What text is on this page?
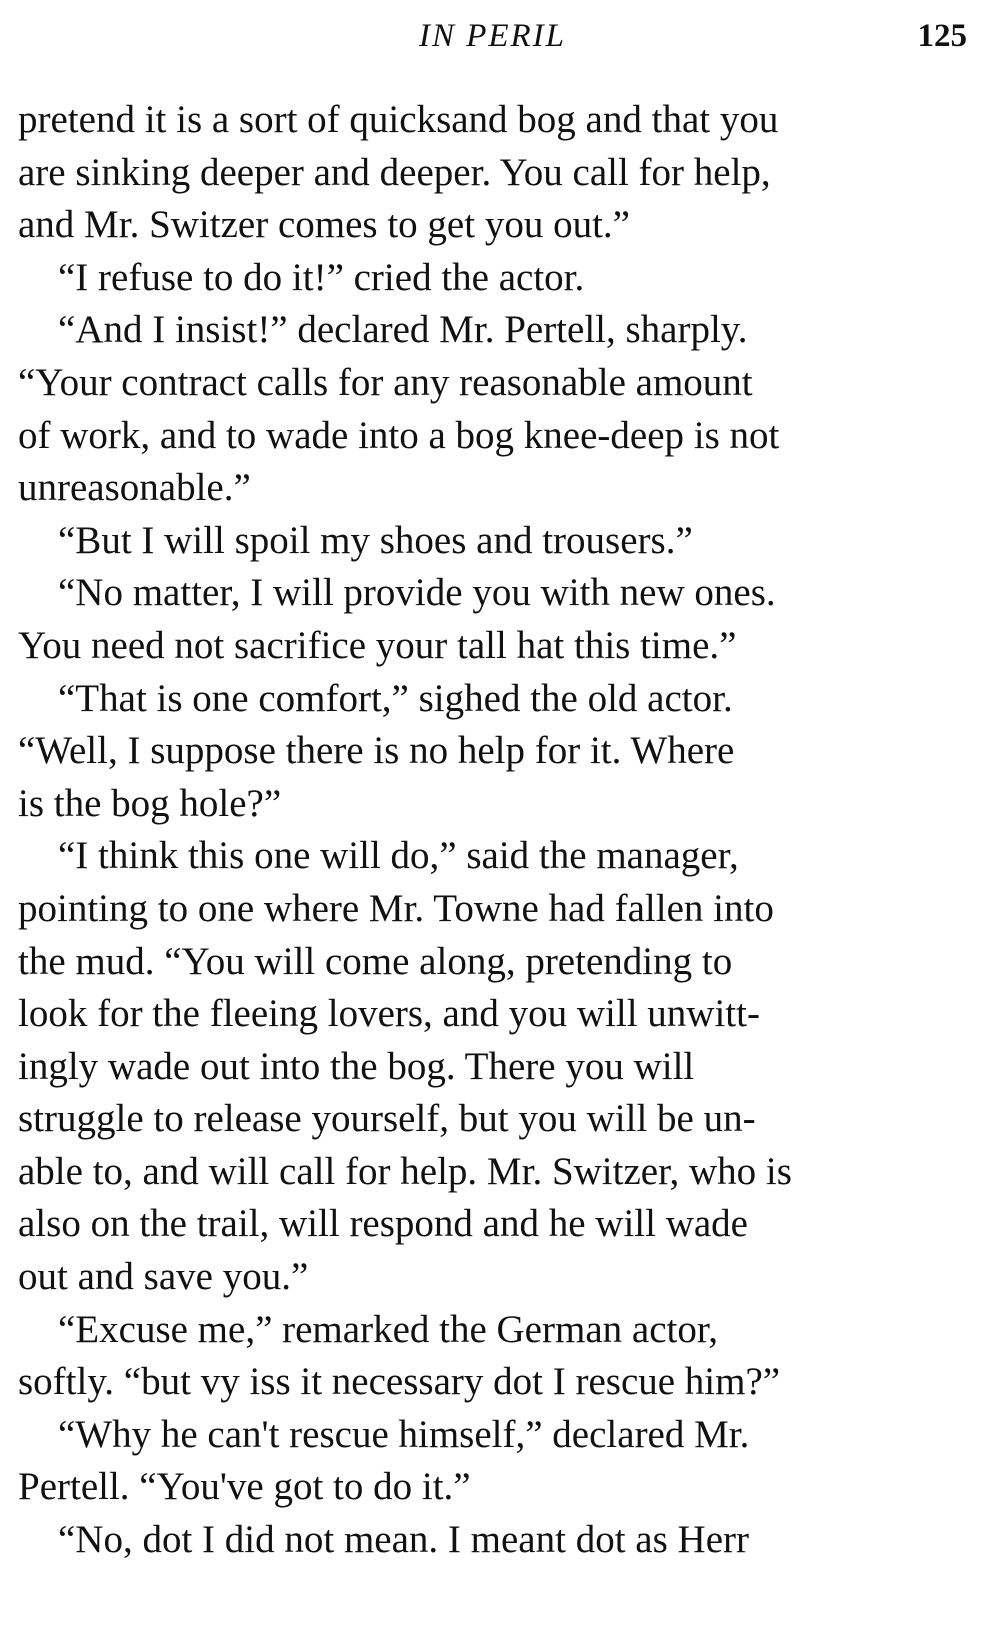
IN PERIL	125
pretend it is a sort of quicksand bog and that you
are sinking deeper and deeper. You call for help,
and Mr. Switzer comes to get you out.”
“I refuse to do it!” cried the actor.
“And I insist!” declared Mr. Pertell, sharply.
“Your contract calls for any reasonable amount
of work, and to wade into a bog knee-deep is not
unreasonable.”
“But I will spoil my shoes and trousers.”
“No matter, I will provide you with new ones.
You need not sacrifice your tall hat this time.”
“That is one comfort,” sighed the old actor.
“Well, I suppose there is no help for it. Where
is the bog hole?”
“I think this one will do,” said the manager,
pointing to one where Mr. Towne had fallen into
the mud. “You will come along, pretending to
look for the fleeing lovers, and you will unwitt-
ingly wade out into the bog. There you will
struggle to release yourself, but you will be un-
able to, and will call for help. Mr. Switzer, who is
also on the trail, will respond and he will wade
out and save you.”
“Excuse me,” remarked the German actor,
softly. “but vy iss it necessary dot I rescue him?”
“Why he can't rescue himself,” declared Mr.
Pertell. “You've got to do it.”
“No, dot I did not mean. I meant dot as Herr
